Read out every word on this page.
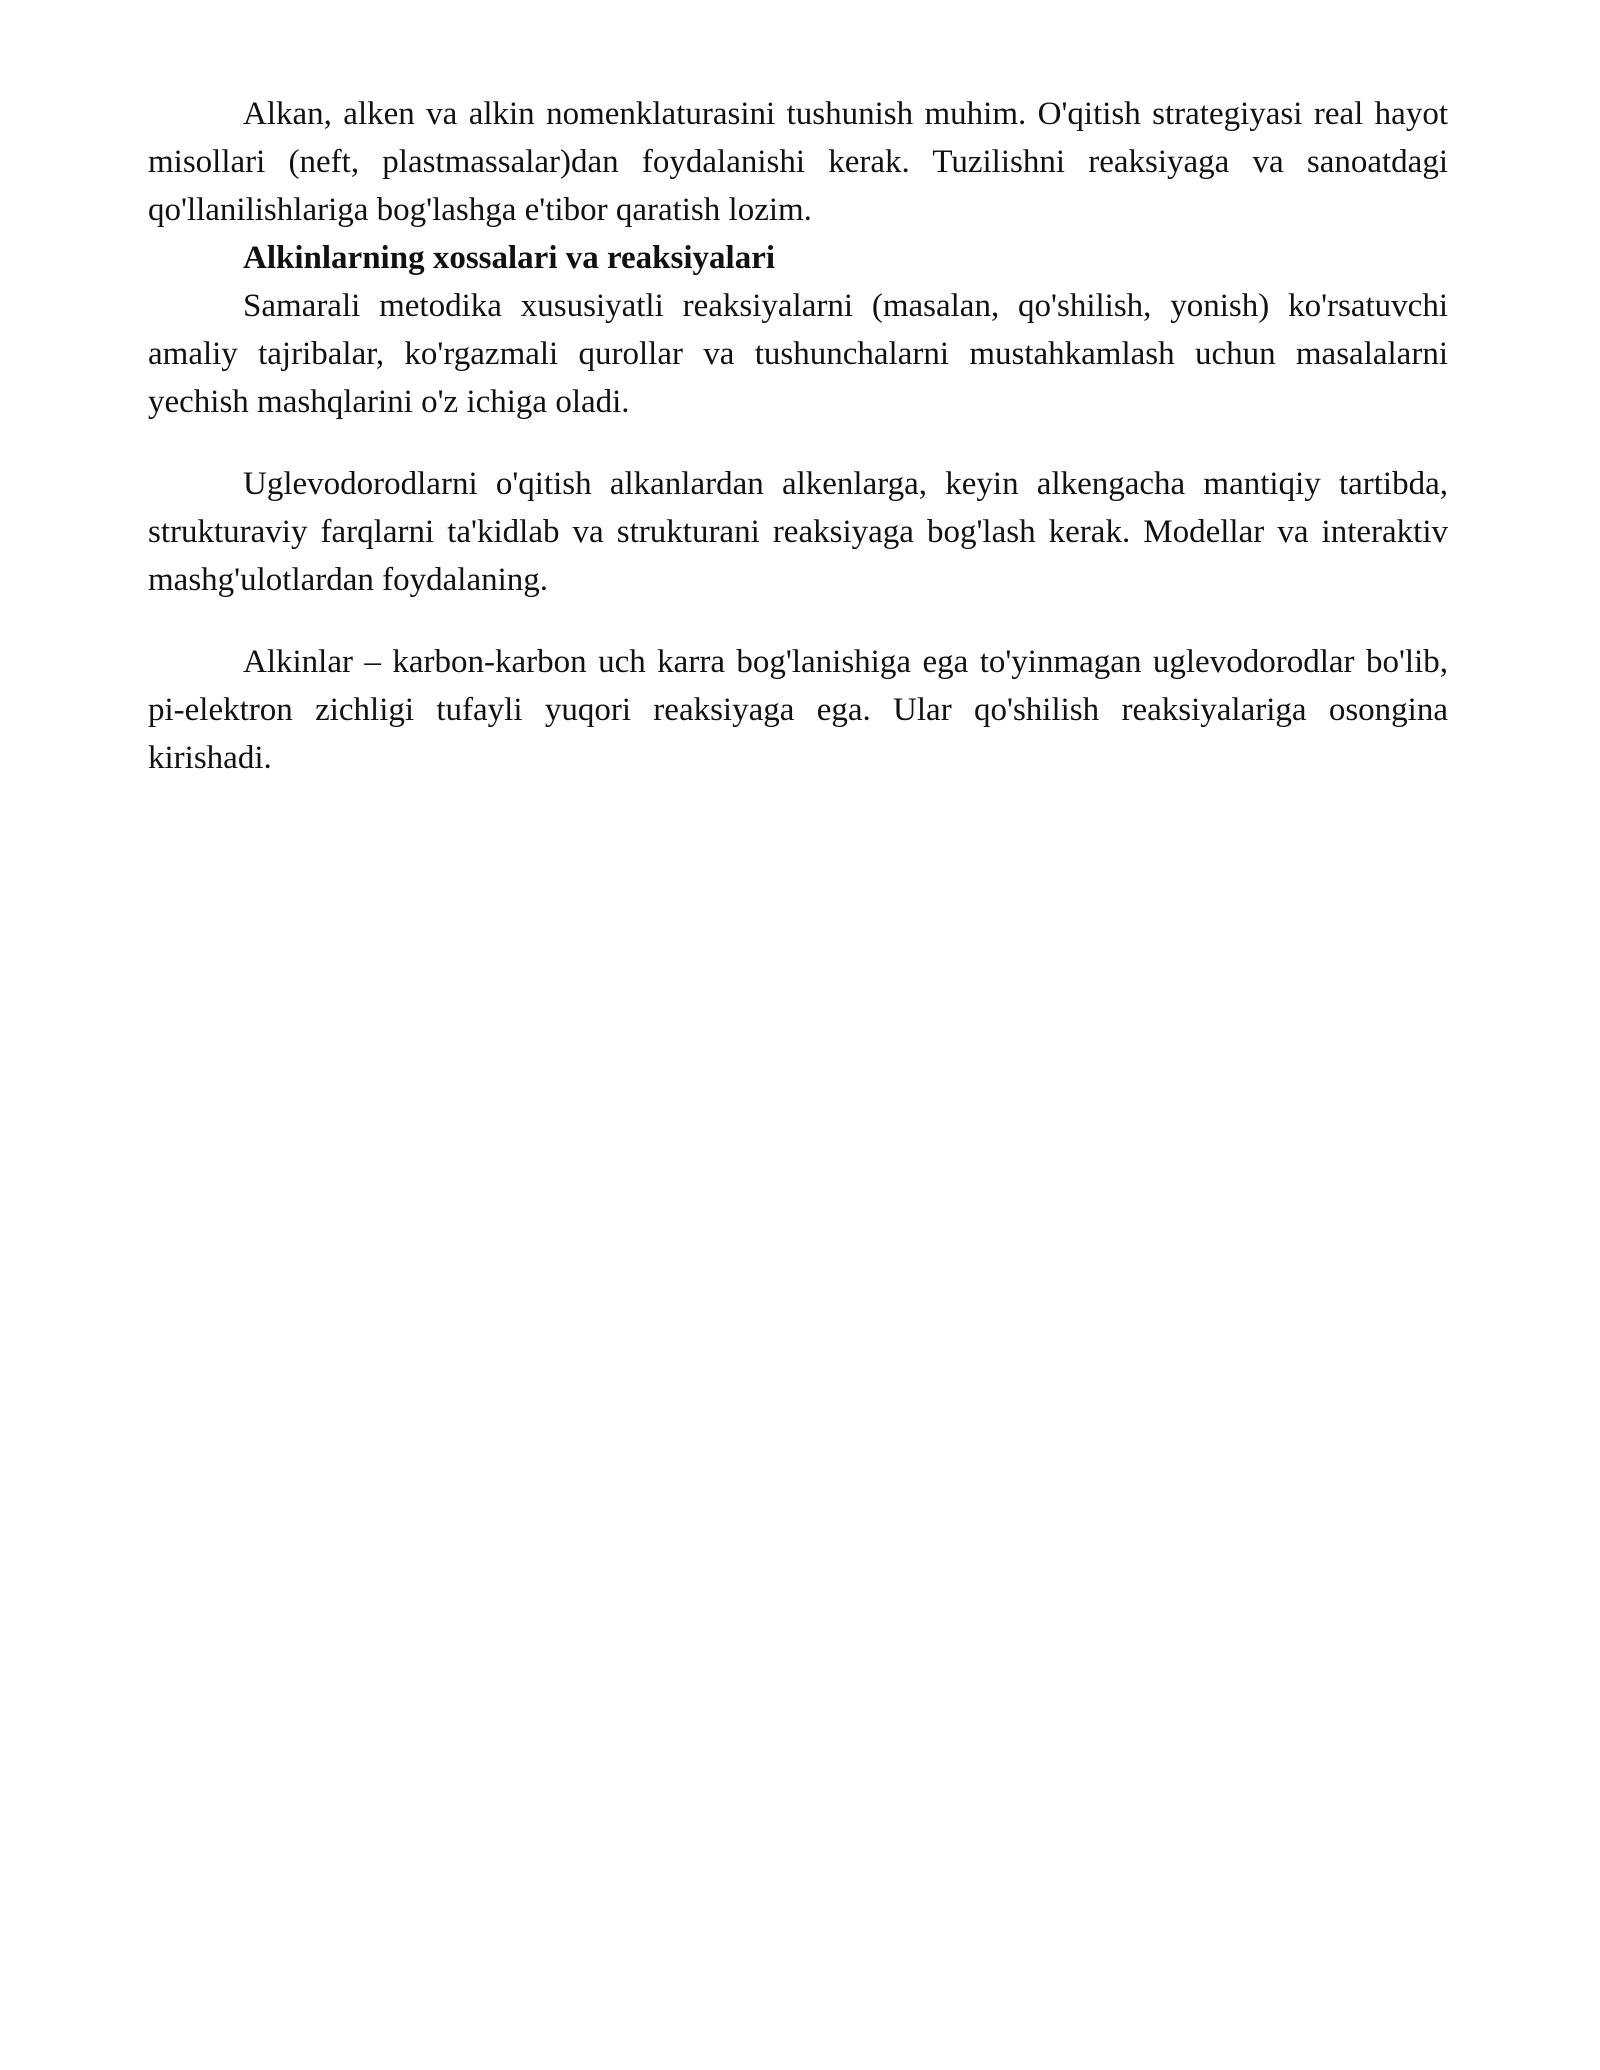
Alkan, alken va alkin nomenklaturasini tushunish muhim. O'qitish strategiyasi real hayot misollari (neft, plastmassalar)dan foydalanishi kerak. Tuzilishni reaksiyaga va sanoatdagi qo'llanilishlariga bog'lashga e'tibor qaratish lozim.

Alkinlarning xossalari va reaksiyalari

Samarali metodika xususiyatli reaksiyalarni (masalan, qo'shilish, yonish) ko'rsatuvchi amaliy tajribalar, ko'rgazmali qurollar va tushunchalarni mustahkamlash uchun masalalarni yechish mashqlarini o'z ichiga oladi.

Uglevodorodlarni o'qitish alkanlardan alkenlarga, keyin alkengacha mantiqiy tartibda, strukturaviy farqlarni ta'kidlab va strukturani reaksiyaga bog'lash kerak. Modellar va interaktiv mashg'ulotlardan foydalaning.

Alkinlar – karbon-karbon uch karra bog'lanishiga ega to'yinmagan uglevodorodlar bo'lib, pi-elektron zichligi tufayli yuqori reaksiyaga ega. Ular qo'shilish reaksiyalariga osongina kirishadi.
